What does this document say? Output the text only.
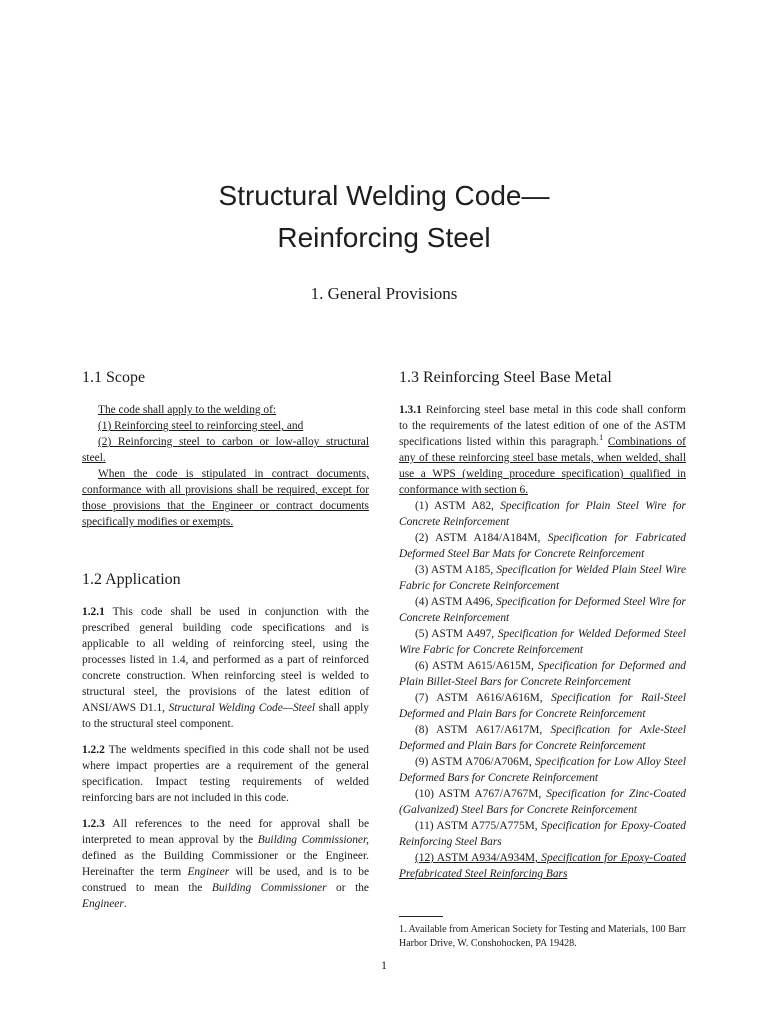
Structural Welding Code—
Reinforcing Steel
1. General Provisions
1.1 Scope

The code shall apply to the welding of:

(1) Reinforcing steel to reinforcing steel, and

(2) Reinforcing steel to carbon or low-alloy structural steel.

When the code is stipulated in contract documents, conformance with all provisions shall be required, except for those provisions that the Engineer or contract documents specifically modifies or exempts.

1.2 Application

1.2.1 This code shall be used in conjunction with the prescribed general building code specifications and is applicable to all welding of reinforcing steel, using the processes listed in 1.4, and performed as a part of reinforced concrete construction. When reinforcing steel is welded to structural steel, the provisions of the latest edition of ANSI/AWS D1.1, Structural Welding Code—Steel shall apply to the structural steel component.

1.2.2 The weldments specified in this code shall not be used where impact properties are a requirement of the general specification. Impact testing requirements of welded reinforcing bars are not included in this code.

1.2.3 All references to the need for approval shall be interpreted to mean approval by the Building Commissioner, defined as the Building Commissioner or the Engineer. Hereinafter the term Engineer will be used, and is to be construed to mean the Building Commissioner or the Engineer.

1.3 Reinforcing Steel Base Metal

1.3.1 Reinforcing steel base metal in this code shall conform to the requirements of the latest edition of one of the ASTM specifications listed within this paragraph.$^1$ Combinations of any of these reinforcing steel base metals, when welded, shall use a WPS (welding procedure specification) qualified in conformance with section 6.

(1) ASTM A82, Specification for Plain Steel Wire for Concrete Reinforcement

(2) ASTM A184/A184M, Specification for Fabricated Deformed Steel Bar Mats for Concrete Reinforcement

(3) ASTM A185, Specification for Welded Plain Steel Wire Fabric for Concrete Reinforcement

(4) ASTM A496, Specification for Deformed Steel Wire for Concrete Reinforcement

(5) ASTM A497, Specification for Welded Deformed Steel Wire Fabric for Concrete Reinforcement

(6) ASTM A615/A615M, Specification for Deformed and Plain Billet-Steel Bars for Concrete Reinforcement

(7) ASTM A616/A616M, Specification for Rail-Steel Deformed and Plain Bars for Concrete Reinforcement

(8) ASTM A617/A617M, Specification for Axle-Steel Deformed and Plain Bars for Concrete Reinforcement

(9) ASTM A706/A706M, Specification for Low Alloy Steel Deformed Bars for Concrete Reinforcement

(10) ASTM A767/A767M, Specification for Zinc-Coated (Galvanized) Steel Bars for Concrete Reinforcement

(11) ASTM A775/A775M, Specification for Epoxy-Coated Reinforcing Steel Bars

(12) ASTM A934/A934M, Specification for Epoxy-Coated Prefabricated Steel Reinforcing Bars

1. Available from American Society for Testing and Materials, 100 Barr Harbor Drive, W. Conshohocken, PA 19428.

1
